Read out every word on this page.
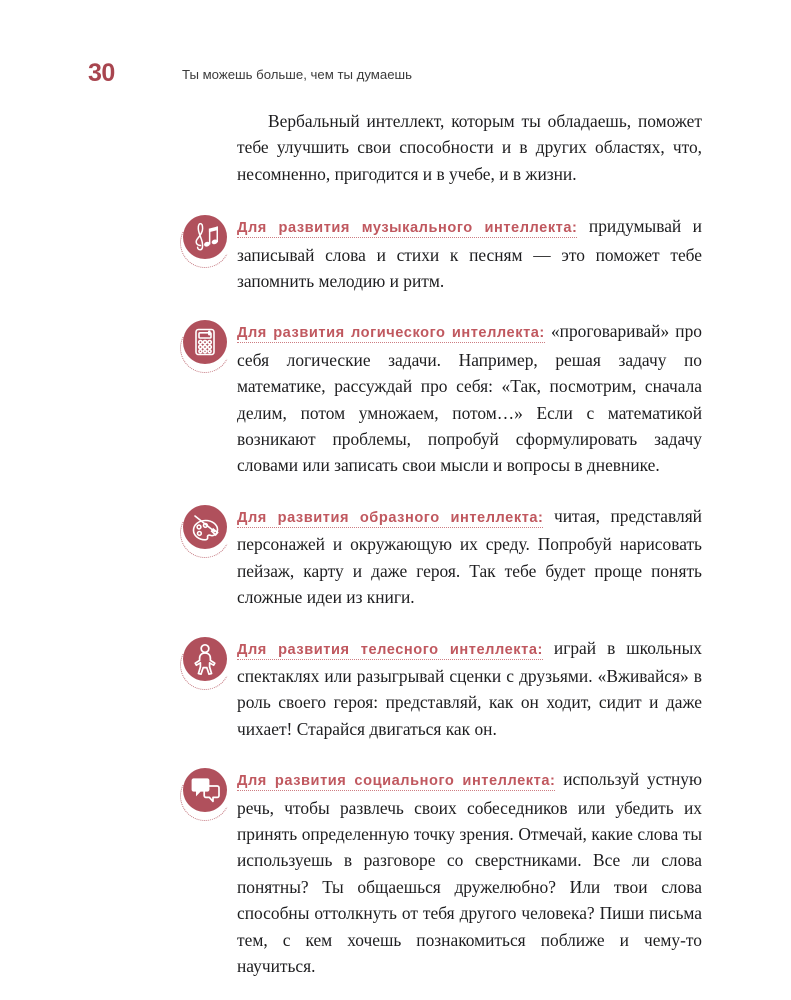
30	Ты можешь больше, чем ты думаешь

Вербальный интеллект, которым ты обладаешь, поможет тебе улучшить свои способности и в других областях, что, несомненно, пригодится и в учебе, и в жизни.

Для развития музыкального интеллекта: придумывай и записывай слова и стихи к песням — это поможет тебе запомнить мелодию и ритм.

Для развития логического интеллекта: «проговаривай» про себя логические задачи. Например, решая задачу по математике, рассуждай про себя: «Так, посмотрим, сначала делим, потом умножаем, потом…» Если с математикой возникают проблемы, попробуй сформулировать задачу словами или записать свои мысли и вопросы в дневнике.

Для развития образного интеллекта: читая, представляй персонажей и окружающую их среду. Попробуй нарисовать пейзаж, карту и даже героя. Так тебе будет проще понять сложные идеи из книги.

Для развития телесного интеллекта: играй в школьных спектаклях или разыгрывай сценки с друзьями. «Вживайся» в роль своего героя: представляй, как он ходит, сидит и даже чихает! Старайся двигаться как он.

Для развития социального интеллекта: используй устную речь, чтобы развлечь своих собеседников или убедить их принять определенную точку зрения. Отмечай, какие слова ты используешь в разговоре со сверстниками. Все ли слова понятны? Ты общаешься дружелюбно? Или твои слова способны оттолкнуть от тебя другого человека? Пиши письма тем, с кем хочешь познакомиться поближе и чему-то научиться.
